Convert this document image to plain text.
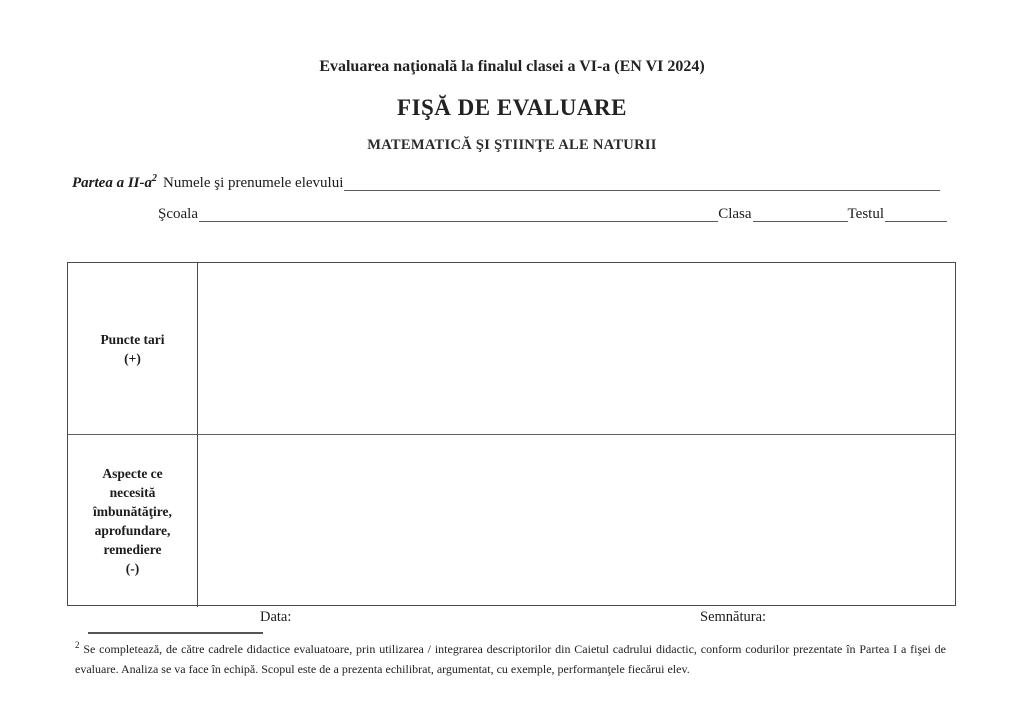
Evaluarea naţională la finalul clasei a VI-a (EN VI 2024)
FIŞĂ DE EVALUARE
MATEMATICĂ ŞI ŞTIINŢE ALE NATURII
Partea a $II-a^2$ Numele şi prenumele elevului
Şcoala	Clasa	Testul
Puncte tari
(+)
Aspecte ce
necesită
îmbunătăţire,
aprofundare,
remediere
(-)
Data:	Semnătura:
$^2$ Se completează, de către cadrele didactice evaluatoare, prin utilizarea / integrarea descriptorilor din Caietul cadrului didactic, conform codurilor prezentate în Partea I a fişei de evaluare. Analiza se va face în echipă. Scopul este de a prezenta echilibrat, argumentat, cu exemple, performanţele fiecărui elev.
